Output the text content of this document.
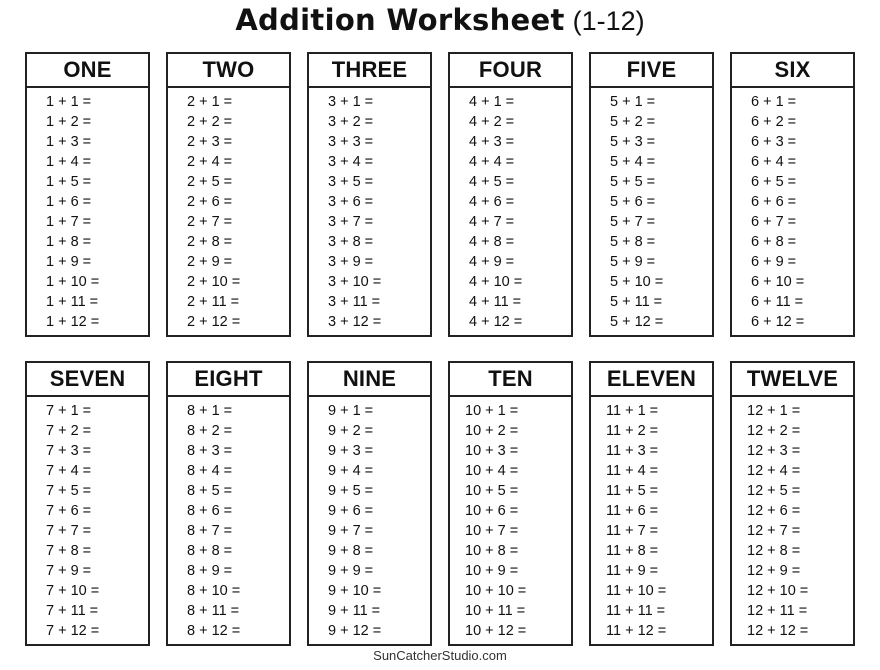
Addition Worksheet (1-12)
ONE
1 + 1 =
1 + 2 =
1 + 3 =
1 + 4 =
1 + 5 =
1 + 6 =
1 + 7 =
1 + 8 =
1 + 9 =
1 + 10 =
1 + 11 =
1 + 12 =
TWO
2 + 1 =
2 + 2 =
2 + 3 =
2 + 4 =
2 + 5 =
2 + 6 =
2 + 7 =
2 + 8 =
2 + 9 =
2 + 10 =
2 + 11 =
2 + 12 =
THREE
3 + 1 =
3 + 2 =
3 + 3 =
3 + 4 =
3 + 5 =
3 + 6 =
3 + 7 =
3 + 8 =
3 + 9 =
3 + 10 =
3 + 11 =
3 + 12 =
FOUR
4 + 1 =
4 + 2 =
4 + 3 =
4 + 4 =
4 + 5 =
4 + 6 =
4 + 7 =
4 + 8 =
4 + 9 =
4 + 10 =
4 + 11 =
4 + 12 =
FIVE
5 + 1 =
5 + 2 =
5 + 3 =
5 + 4 =
5 + 5 =
5 + 6 =
5 + 7 =
5 + 8 =
5 + 9 =
5 + 10 =
5 + 11 =
5 + 12 =
SIX
6 + 1 =
6 + 2 =
6 + 3 =
6 + 4 =
6 + 5 =
6 + 6 =
6 + 7 =
6 + 8 =
6 + 9 =
6 + 10 =
6 + 11 =
6 + 12 =
SEVEN
7 + 1 =
7 + 2 =
7 + 3 =
7 + 4 =
7 + 5 =
7 + 6 =
7 + 7 =
7 + 8 =
7 + 9 =
7 + 10 =
7 + 11 =
7 + 12 =
EIGHT
8 + 1 =
8 + 2 =
8 + 3 =
8 + 4 =
8 + 5 =
8 + 6 =
8 + 7 =
8 + 8 =
8 + 9 =
8 + 10 =
8 + 11 =
8 + 12 =
NINE
9 + 1 =
9 + 2 =
9 + 3 =
9 + 4 =
9 + 5 =
9 + 6 =
9 + 7 =
9 + 8 =
9 + 9 =
9 + 10 =
9 + 11 =
9 + 12 =
TEN
10 + 1 =
10 + 2 =
10 + 3 =
10 + 4 =
10 + 5 =
10 + 6 =
10 + 7 =
10 + 8 =
10 + 9 =
10 + 10 =
10 + 11 =
10 + 12 =
ELEVEN
11 + 1 =
11 + 2 =
11 + 3 =
11 + 4 =
11 + 5 =
11 + 6 =
11 + 7 =
11 + 8 =
11 + 9 =
11 + 10 =
11 + 11 =
11 + 12 =
TWELVE
12 + 1 =
12 + 2 =
12 + 3 =
12 + 4 =
12 + 5 =
12 + 6 =
12 + 7 =
12 + 8 =
12 + 9 =
12 + 10 =
12 + 11 =
12 + 12 =
SunCatcherStudio.com
